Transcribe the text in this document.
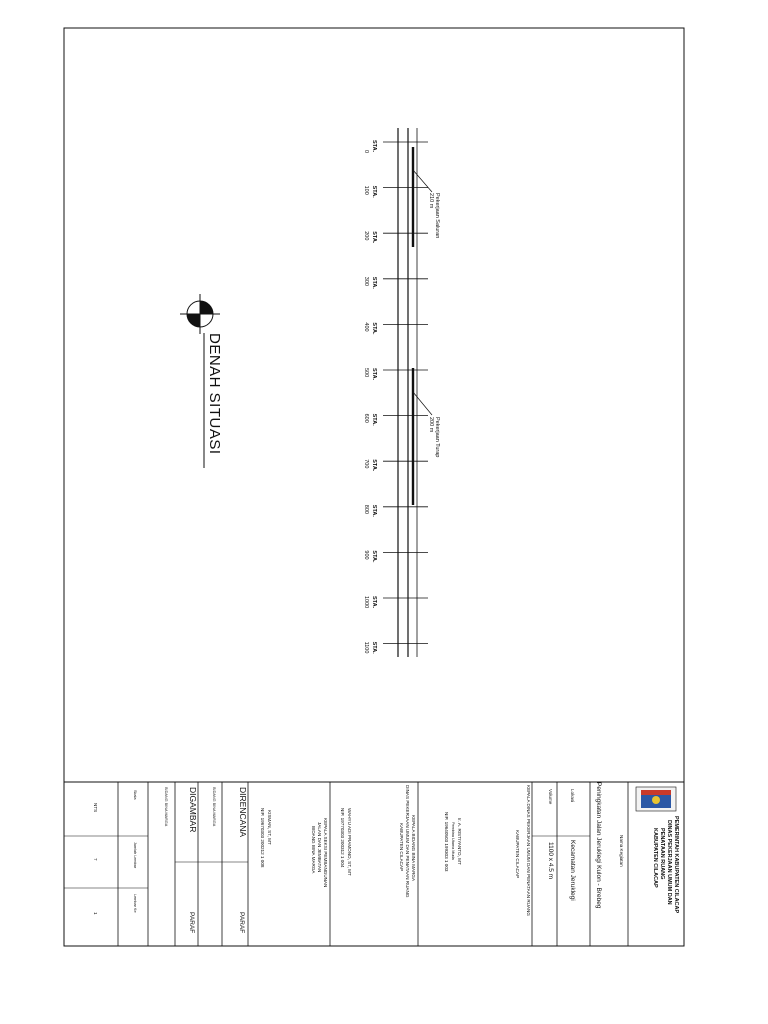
STA.
0
STA.
100
STA.
200
STA.
300
STA.
400
STA.
500
STA.
600
STA.
700
STA.
800
STA.
900
STA.
1000
STA.
1100
Pekerjaan Saluran
210 m
Pekerjaan Turap
200 m
DENAH SITUASI
PEMERINTAH KABUPATEN CILACAP
DINAS PEKERJAAN UMUM DAN
PENATAAN RUANG
KABUPATEN CILACAP
Nama Kegiatan
Peningkatan Jalan Jeruklegi Kulon - Brebeg
Lokasi
Kecamatan Jeruklegi
Volume
1100 x 4.5 m
KEPALA DINAS PEKERJAAN UMUM DAN PENATAAN RUANG
KABUPATEN CILACAP
Ir. A. RISTIYANTO, MT
Pembina Utama Muda
NIP. 19640503 199303 1 003
KEPALA BIDANG BINA MARGA
DINAS PEKERJAAN UMUM DAN PENATAAN RUANG
KABUPATEN CILACAP
WAHYU ADI PRAMONO, ST, MT
NIP. 19770303 200312 1 004
KEPALA SEKSI PEMBANGUNAN
JALAN DAN JEMBATAN
BIDANG BINA MARGA
KISMAN, ST, MT
NIP. 19670303 200212 1 008
DIRENCANA
PARAF
BIDANG BINA MARGA
DIGAMBAR
PARAF
BIDANG BINA MARGA
Skala
Jumlah Lembar
Lembar Ke
NTS
7
1
